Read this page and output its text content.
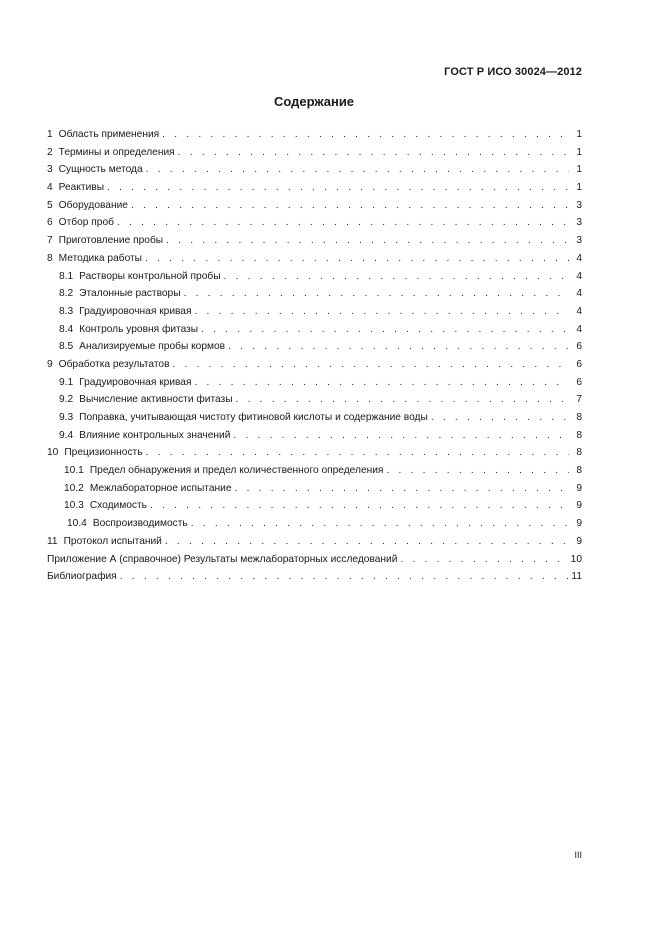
ГОСТ Р ИСО 30024—2012
Содержание
1 Область применения . . .	1
2 Термины и определения . . .	1
3 Сущность метода . . .	1
4 Реактивы . . .	1
5 Оборудование . . .	3
6 Отбор проб . . .	3
7 Приготовление пробы . . .	3
8 Методика работы . . .	4
8.1 Растворы контрольной пробы . . .	4
8.2 Эталонные растворы . . .	4
8.3 Градуировочная кривая . . .	4
8.4 Контроль уровня фитазы . . .	4
8.5 Анализируемые пробы кормов . . .	6
9 Обработка результатов . . .	6
9.1 Градуировочная кривая . . .	6
9.2 Вычисление активности фитазы . . .	7
9.3 Поправка, учитывающая чистоту фитиновой кислоты и содержание воды . . .	8
9.4 Влияние контрольных значений . . .	8
10 Прецизионность . . .	8
10.1 Предел обнаружения и предел количественного определения . . .	8
10.2 Межлабораторное испытание . . .	9
10.3 Сходимость . . .	9
10.4 Воспроизводимость . . .	9
11 Протокол испытаний . . .	9
Приложение А (справочное) Результаты межлабораторных исследований . . .	10
Библиография . . .	11
III
